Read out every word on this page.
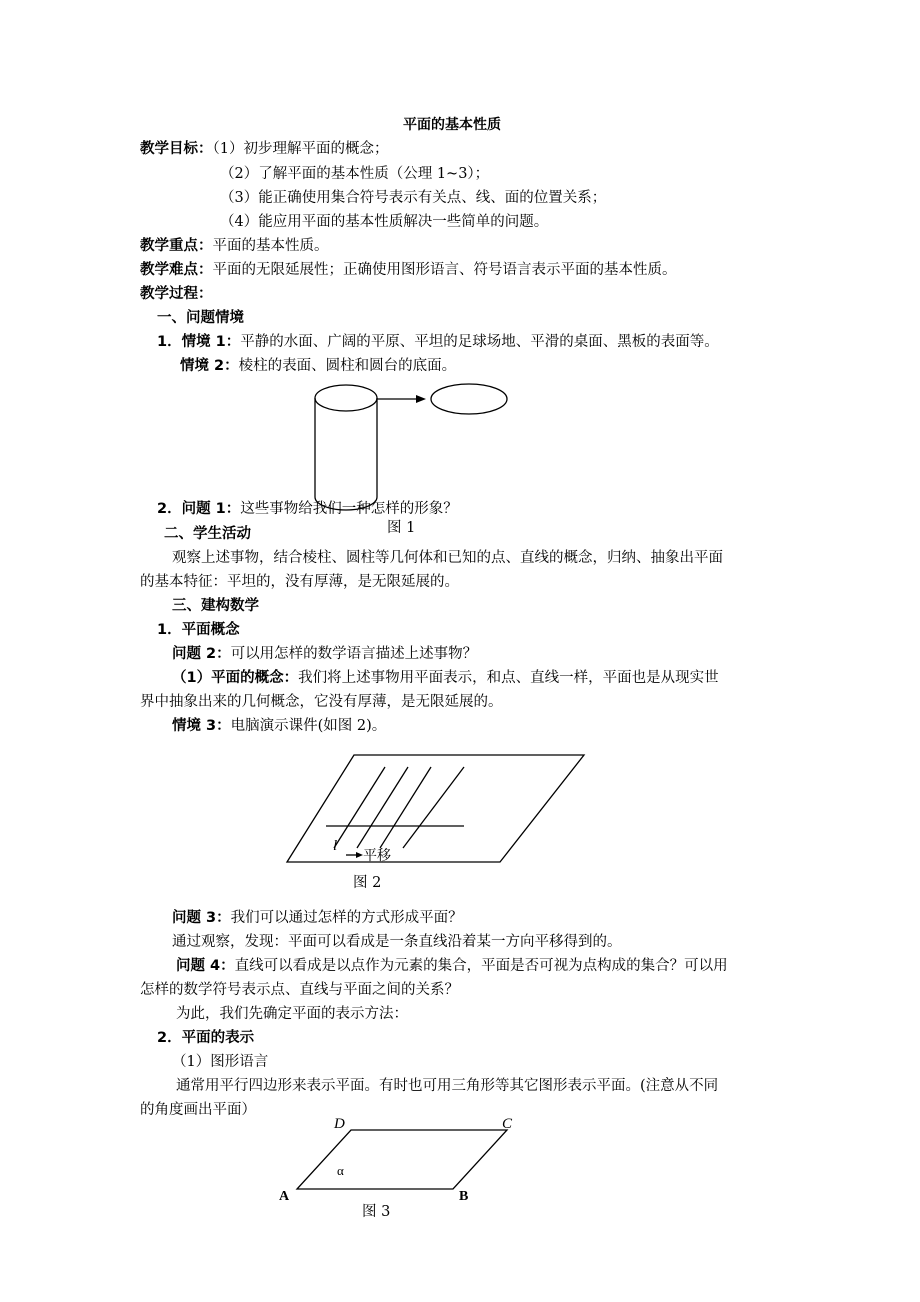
平面的基本性质
教学目标：（1）初步理解平面的概念；
（2）了解平面的基本性质（公理 1~3）；
（3）能正确使用集合符号表示有关点、线、面的位置关系；
（4）能应用平面的基本性质解决一些简单的问题。
教学重点：平面的基本性质。
教学难点：平面的无限延展性；正确使用图形语言、符号语言表示平面的基本性质。
教学过程：
一、问题情境
1．情境 1：平静的水面、广阔的平原、平坦的足球场地、平滑的桌面、黑板的表面等。
情境 2：棱柱的表面、圆柱和圆台的底面。
2．问题 1：这些事物给我们一种怎样的形象？
图 1
二、学生活动
观察上述事物，结合棱柱、圆柱等几何体和已知的点、直线的概念，归纳、抽象出平面
的基本特征：平坦的，没有厚薄，是无限延展的。
三、建构数学
1．平面概念
问题 2：可以用怎样的数学语言描述上述事物？
（1）平面的概念：我们将上述事物用平面表示，和点、直线一样，平面也是从现实世
界中抽象出来的几何概念，它没有厚薄，是无限延展的。
情境 3：电脑演示课件(如图 2)。
l
平移
图 2
问题 3：我们可以通过怎样的方式形成平面？
通过观察，发现：平面可以看成是一条直线沿着某一方向平移得到的。
问题 4：直线可以看成是以点作为元素的集合，平面是否可视为点构成的集合？可以用
怎样的数学符号表示点、直线与平面之间的关系？
为此，我们先确定平面的表示方法：
2．平面的表示
（1）图形语言
通常用平行四边形来表示平面。有时也可用三角形等其它图形表示平面。(注意从不同
的角度画出平面）
D	C
A	B
α
图 3
